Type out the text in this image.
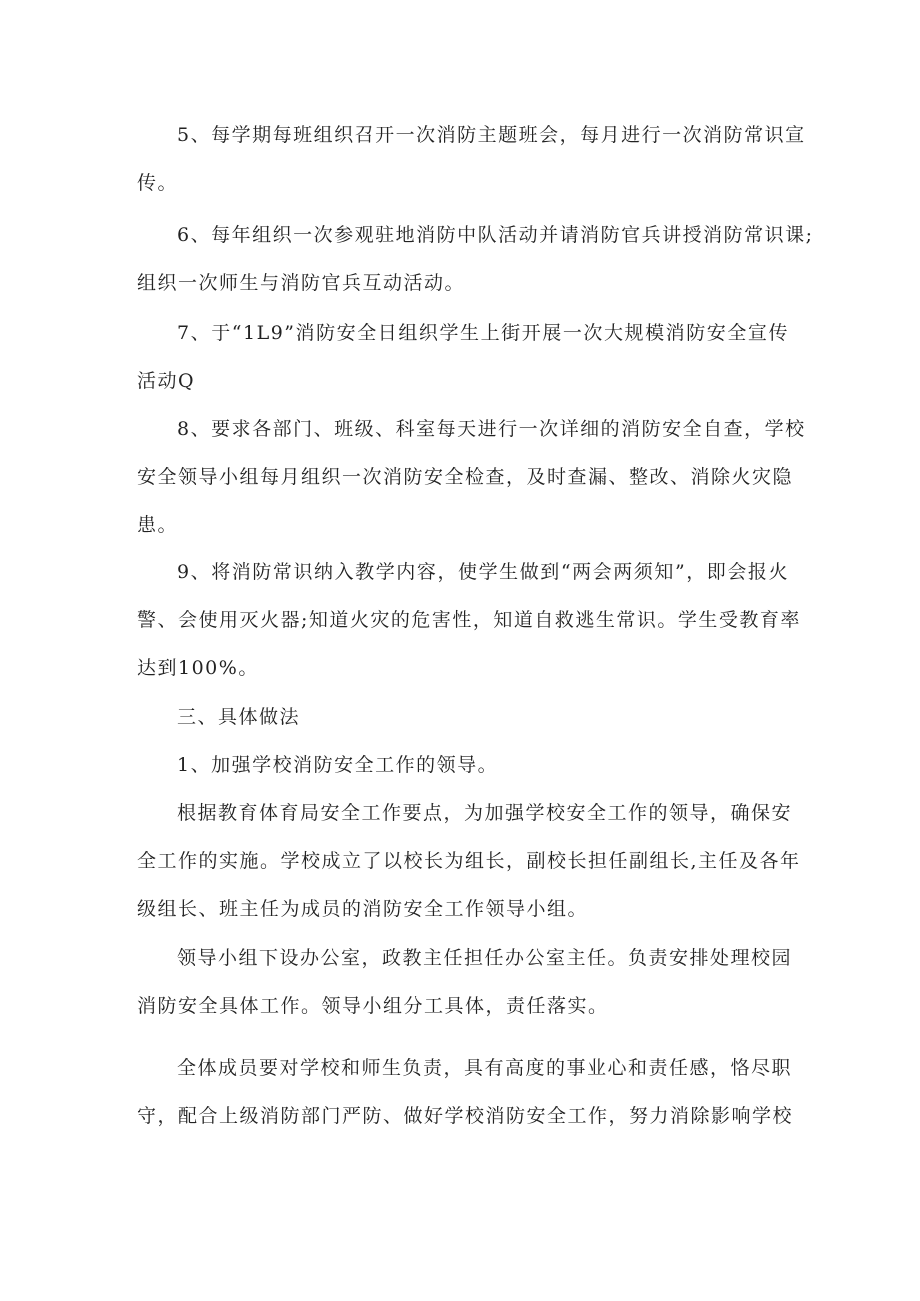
5、每学期每班组织召开一次消防主题班会，每月进行一次消防常识宣
传。
6、每年组织一次参观驻地消防中队活动并请消防官兵讲授消防常识课;
组织一次师生与消防官兵互动活动。
7、于“1L9”消防安全日组织学生上街开展一次大规模消防安全宣传
活动Q
8、要求各部门、班级、科室每天进行一次详细的消防安全自查，学校
安全领导小组每月组织一次消防安全检查，及时查漏、整改、消除火灾隐
患。
9、将消防常识纳入教学内容，使学生做到“两会两须知”，即会报火
警、会使用灭火器;知道火灾的危害性，知道自救逃生常识。学生受教育率
达到100%。
三、具体做法
1、加强学校消防安全工作的领导。
根据教育体育局安全工作要点，为加强学校安全工作的领导，确保安
全工作的实施。学校成立了以校长为组长，副校长担任副组长,主任及各年
级组长、班主任为成员的消防安全工作领导小组。
领导小组下设办公室，政教主任担任办公室主任。负责安排处理校园
消防安全具体工作。领导小组分工具体，责任落实。
全体成员要对学校和师生负责，具有高度的事业心和责任感，恪尽职
守，配合上级消防部门严防、做好学校消防安全工作，努力消除影响学校
